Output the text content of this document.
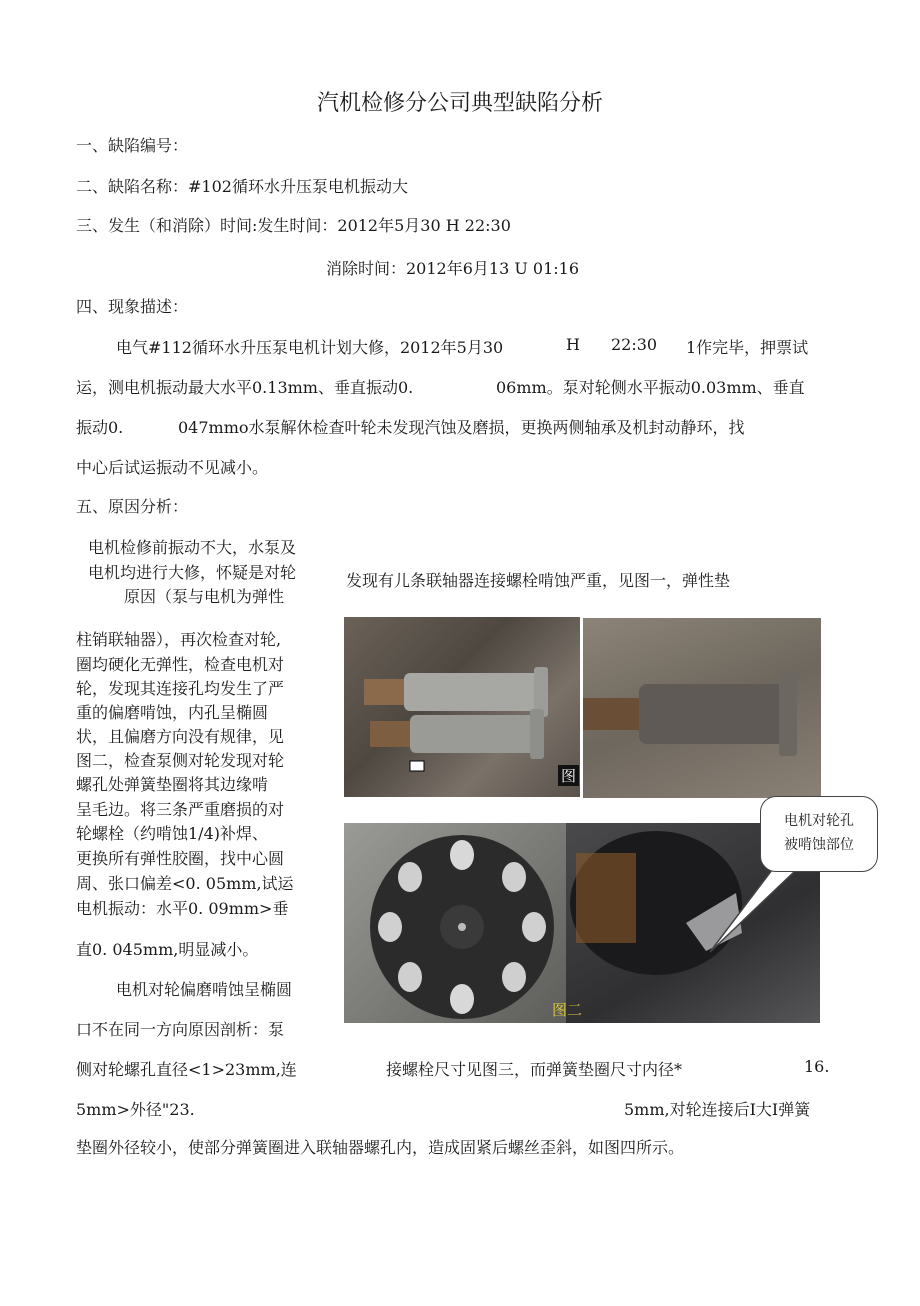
汽机检修分公司典型缺陷分析
一、缺陷编号：
二、缺陷名称：#102循环水升压泵电机振动大
三、发生（和消除）时间:发生时间：2012年5月30 H 22:30
消除时间：2012年6月13 U 01:16
四、现象描述：
电气#112循环水升压泵电机计划大修，2012年5月30	H 22:30 1作完毕，押票试
运，测电机振动最大水平0.13mm、垂直振动0.	06mm。泵对轮侧水平振动0.03mm、垂直
振动0.	047mmo水泵解休检查叶轮未发现汽蚀及磨损，更换两侧轴承及机封动静环，找
中心后试运振动不见减小。
五、原因分析：
电机检修前振动不大，水泵及
电机均进行大修，怀疑是对轮
原因（泵与电机为弹性
发现有儿条联轴器连接螺栓啃蚀严重，见图一，弹性垫
柱销联轴器），再次检查对轮,
圈均硬化无弹性，检查电机对
轮，发现其连接孔均发生了严
重的偏磨啃蚀，内孔呈椭圆
状，且偏磨方向没有规律，见
图二，检查泵侧对轮发现对轮
螺孔处弹簧垫圈将其边缘啃
呈毛边。将三条严重磨损的对
轮螺栓（约啃蚀1/4)补焊、
更换所有弹性胶圈，找中心圆
周、张口偏差<0. 05mm,试运
电机振动：水平0. 09mm>垂
直0. 045mm,明显减小。
电机对轮偏磨啃蚀呈椭圆
口不在同一方向原因剖析：泵
侧对轮螺孔直径<1>23mm,连	接螺栓尺寸见图三，而弹簧垫圈尺寸内径*	16.
5mm>外径"23.	5mm,对轮连接后I大I弹簧
垫圈外径较小，使部分弹簧圈进入联轴器螺孔内，造成固紧后螺丝歪斜，如图四所示。
图
图二
电机对轮孔
被啃蚀部位
